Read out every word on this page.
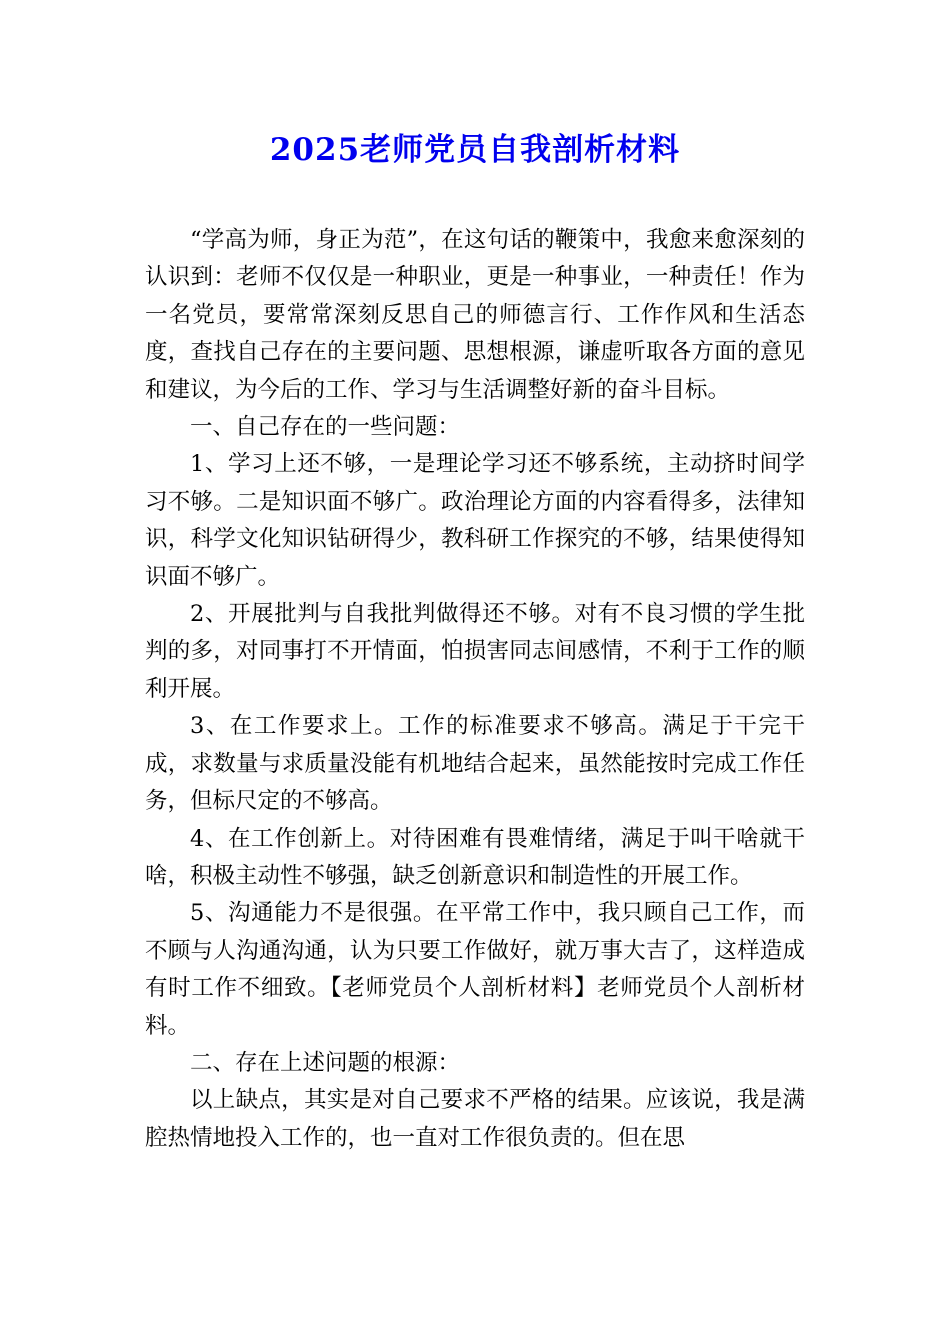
2025老师党员自我剖析材料

“学高为师，身正为范”，在这句话的鞭策中，我愈来愈深刻的认识到：老师不仅仅是一种职业，更是一种事业，一种责任！作为一名党员，要常常深刻反思自己的师德言行、工作作风和生活态度，查找自己存在的主要问题、思想根源，谦虚听取各方面的意见和建议，为今后的工作、学习与生活调整好新的奋斗目标。

一、自己存在的一些问题：

1、学习上还不够，一是理论学习还不够系统，主动挤时间学习不够。二是知识面不够广。政治理论方面的内容看得多，法律知识，科学文化知识钻研得少，教科研工作探究的不够，结果使得知识面不够广。

2、开展批判与自我批判做得还不够。对有不良习惯的学生批判的多，对同事打不开情面，怕损害同志间感情，不利于工作的顺利开展。

3、在工作要求上。工作的标准要求不够高。满足于干完干成，求数量与求质量没能有机地结合起来，虽然能按时完成工作任务，但标尺定的不够高。

4、在工作创新上。对待困难有畏难情绪，满足于叫干啥就干啥，积极主动性不够强，缺乏创新意识和制造性的开展工作。

5、沟通能力不是很强。在平常工作中，我只顾自己工作，而不顾与人沟通沟通，认为只要工作做好，就万事大吉了，这样造成有时工作不细致。【老师党员个人剖析材料】老师党员个人剖析材料。

二、存在上述问题的根源：

以上缺点，其实是对自己要求不严格的结果。应该说，我是满腔热情地投入工作的，也一直对工作很负责的。但在思
